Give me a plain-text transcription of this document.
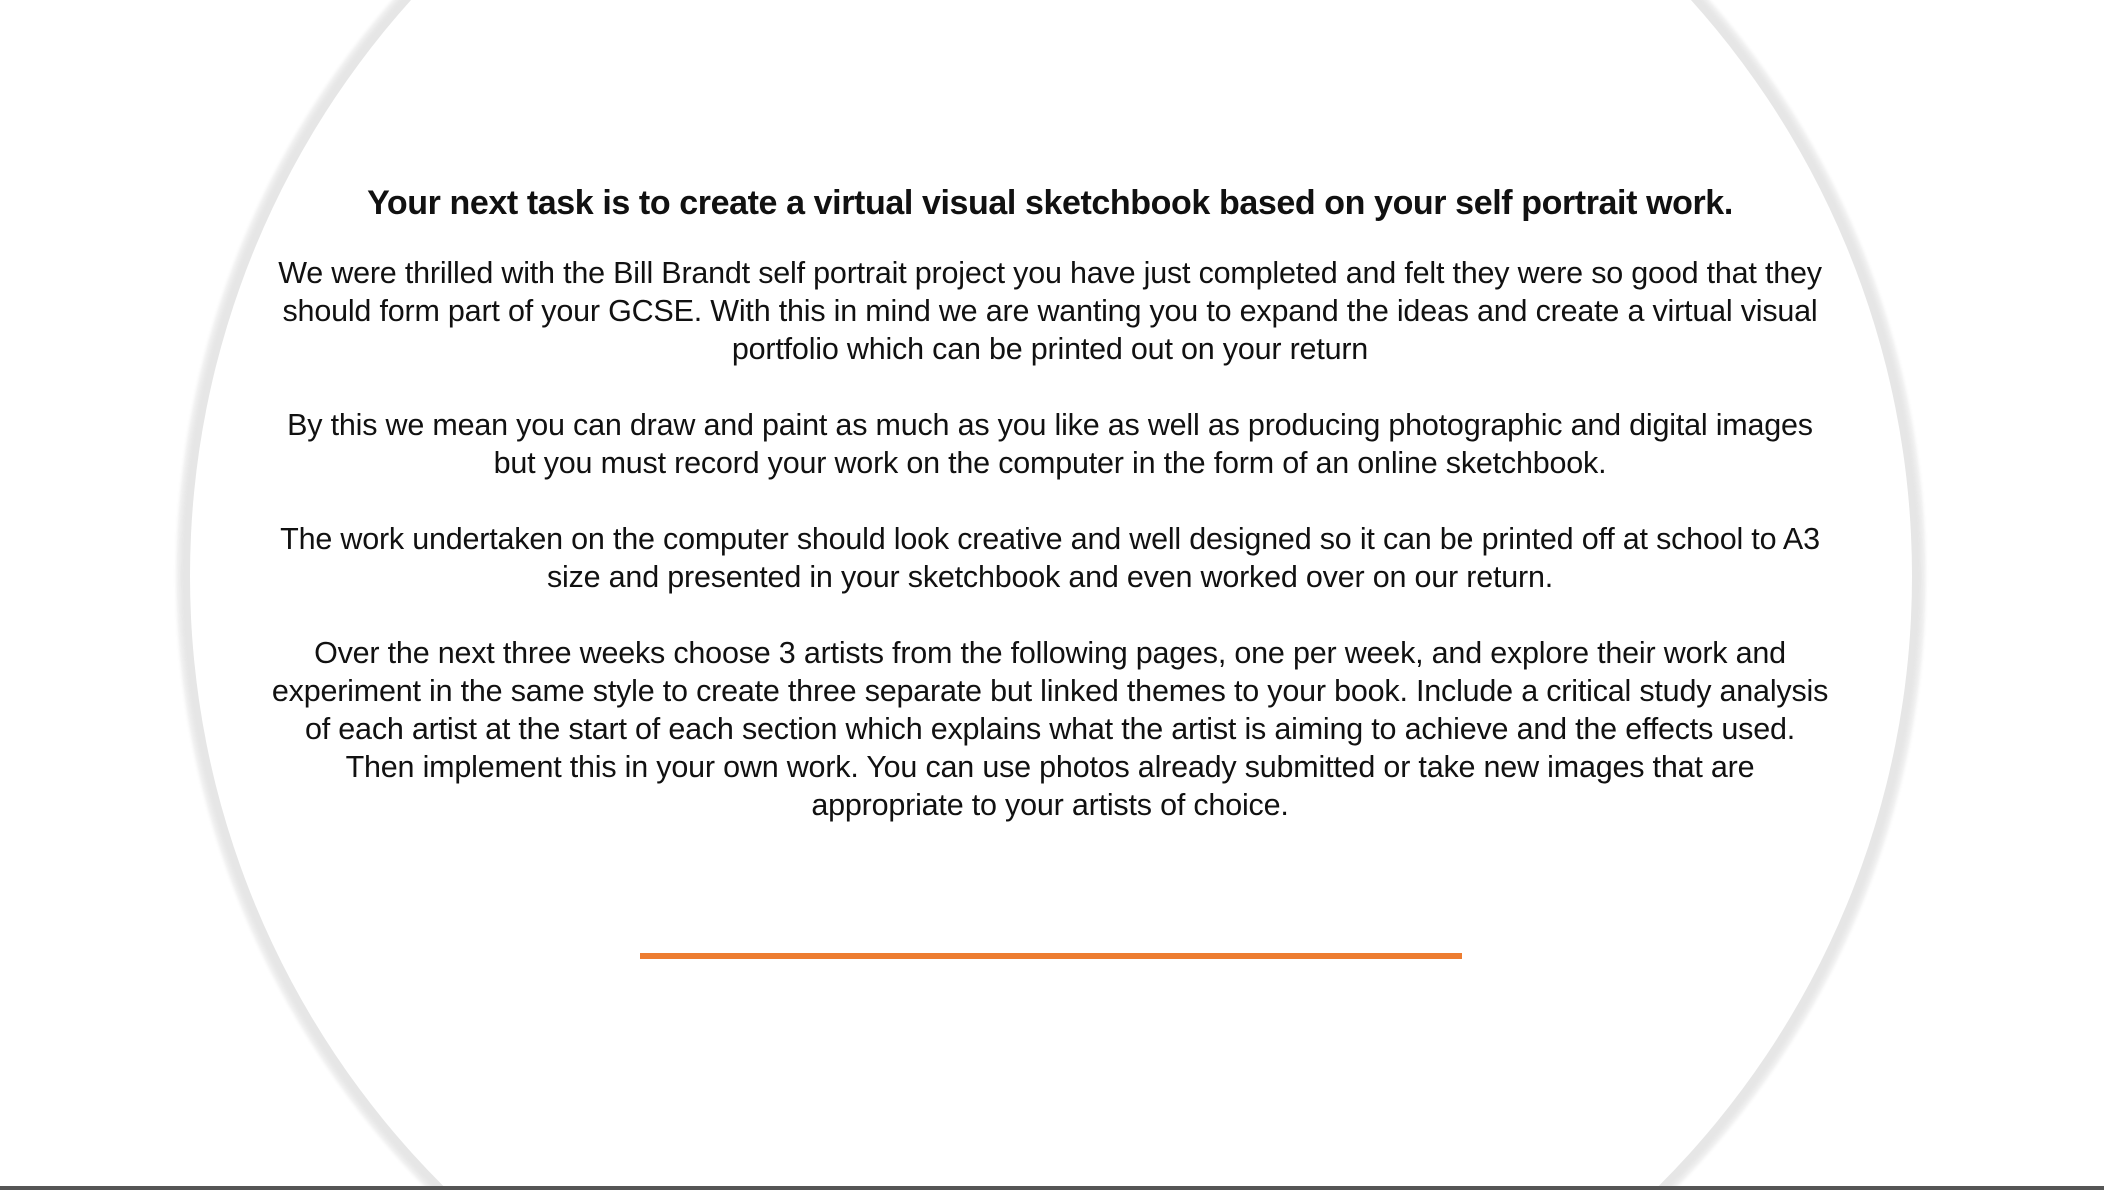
Your next task is to create a virtual visual sketchbook based on your self portrait work.

We were thrilled with the Bill Brandt self portrait project you have just completed and felt they were so good that they should form part of your GCSE. With this in mind we are wanting you to expand the ideas and create a virtual visual portfolio which can be printed out on your return

By this we mean you can draw and paint as much as you like as well as producing photographic and digital images but you must record your work on the computer in the form of an online sketchbook.

The work undertaken on the computer should look creative and well designed so it can be printed off at school to A3 size and presented in your sketchbook and even worked over on our return.

Over the next three weeks choose 3 artists from the following pages, one per week, and explore their work and experiment in the same style to create three separate but linked themes to your book. Include a critical study analysis of each artist at the start of each section which explains what the artist is aiming to achieve and the effects used. Then implement this in your own work. You can use photos already submitted or take new images that are appropriate to your artists of choice.
